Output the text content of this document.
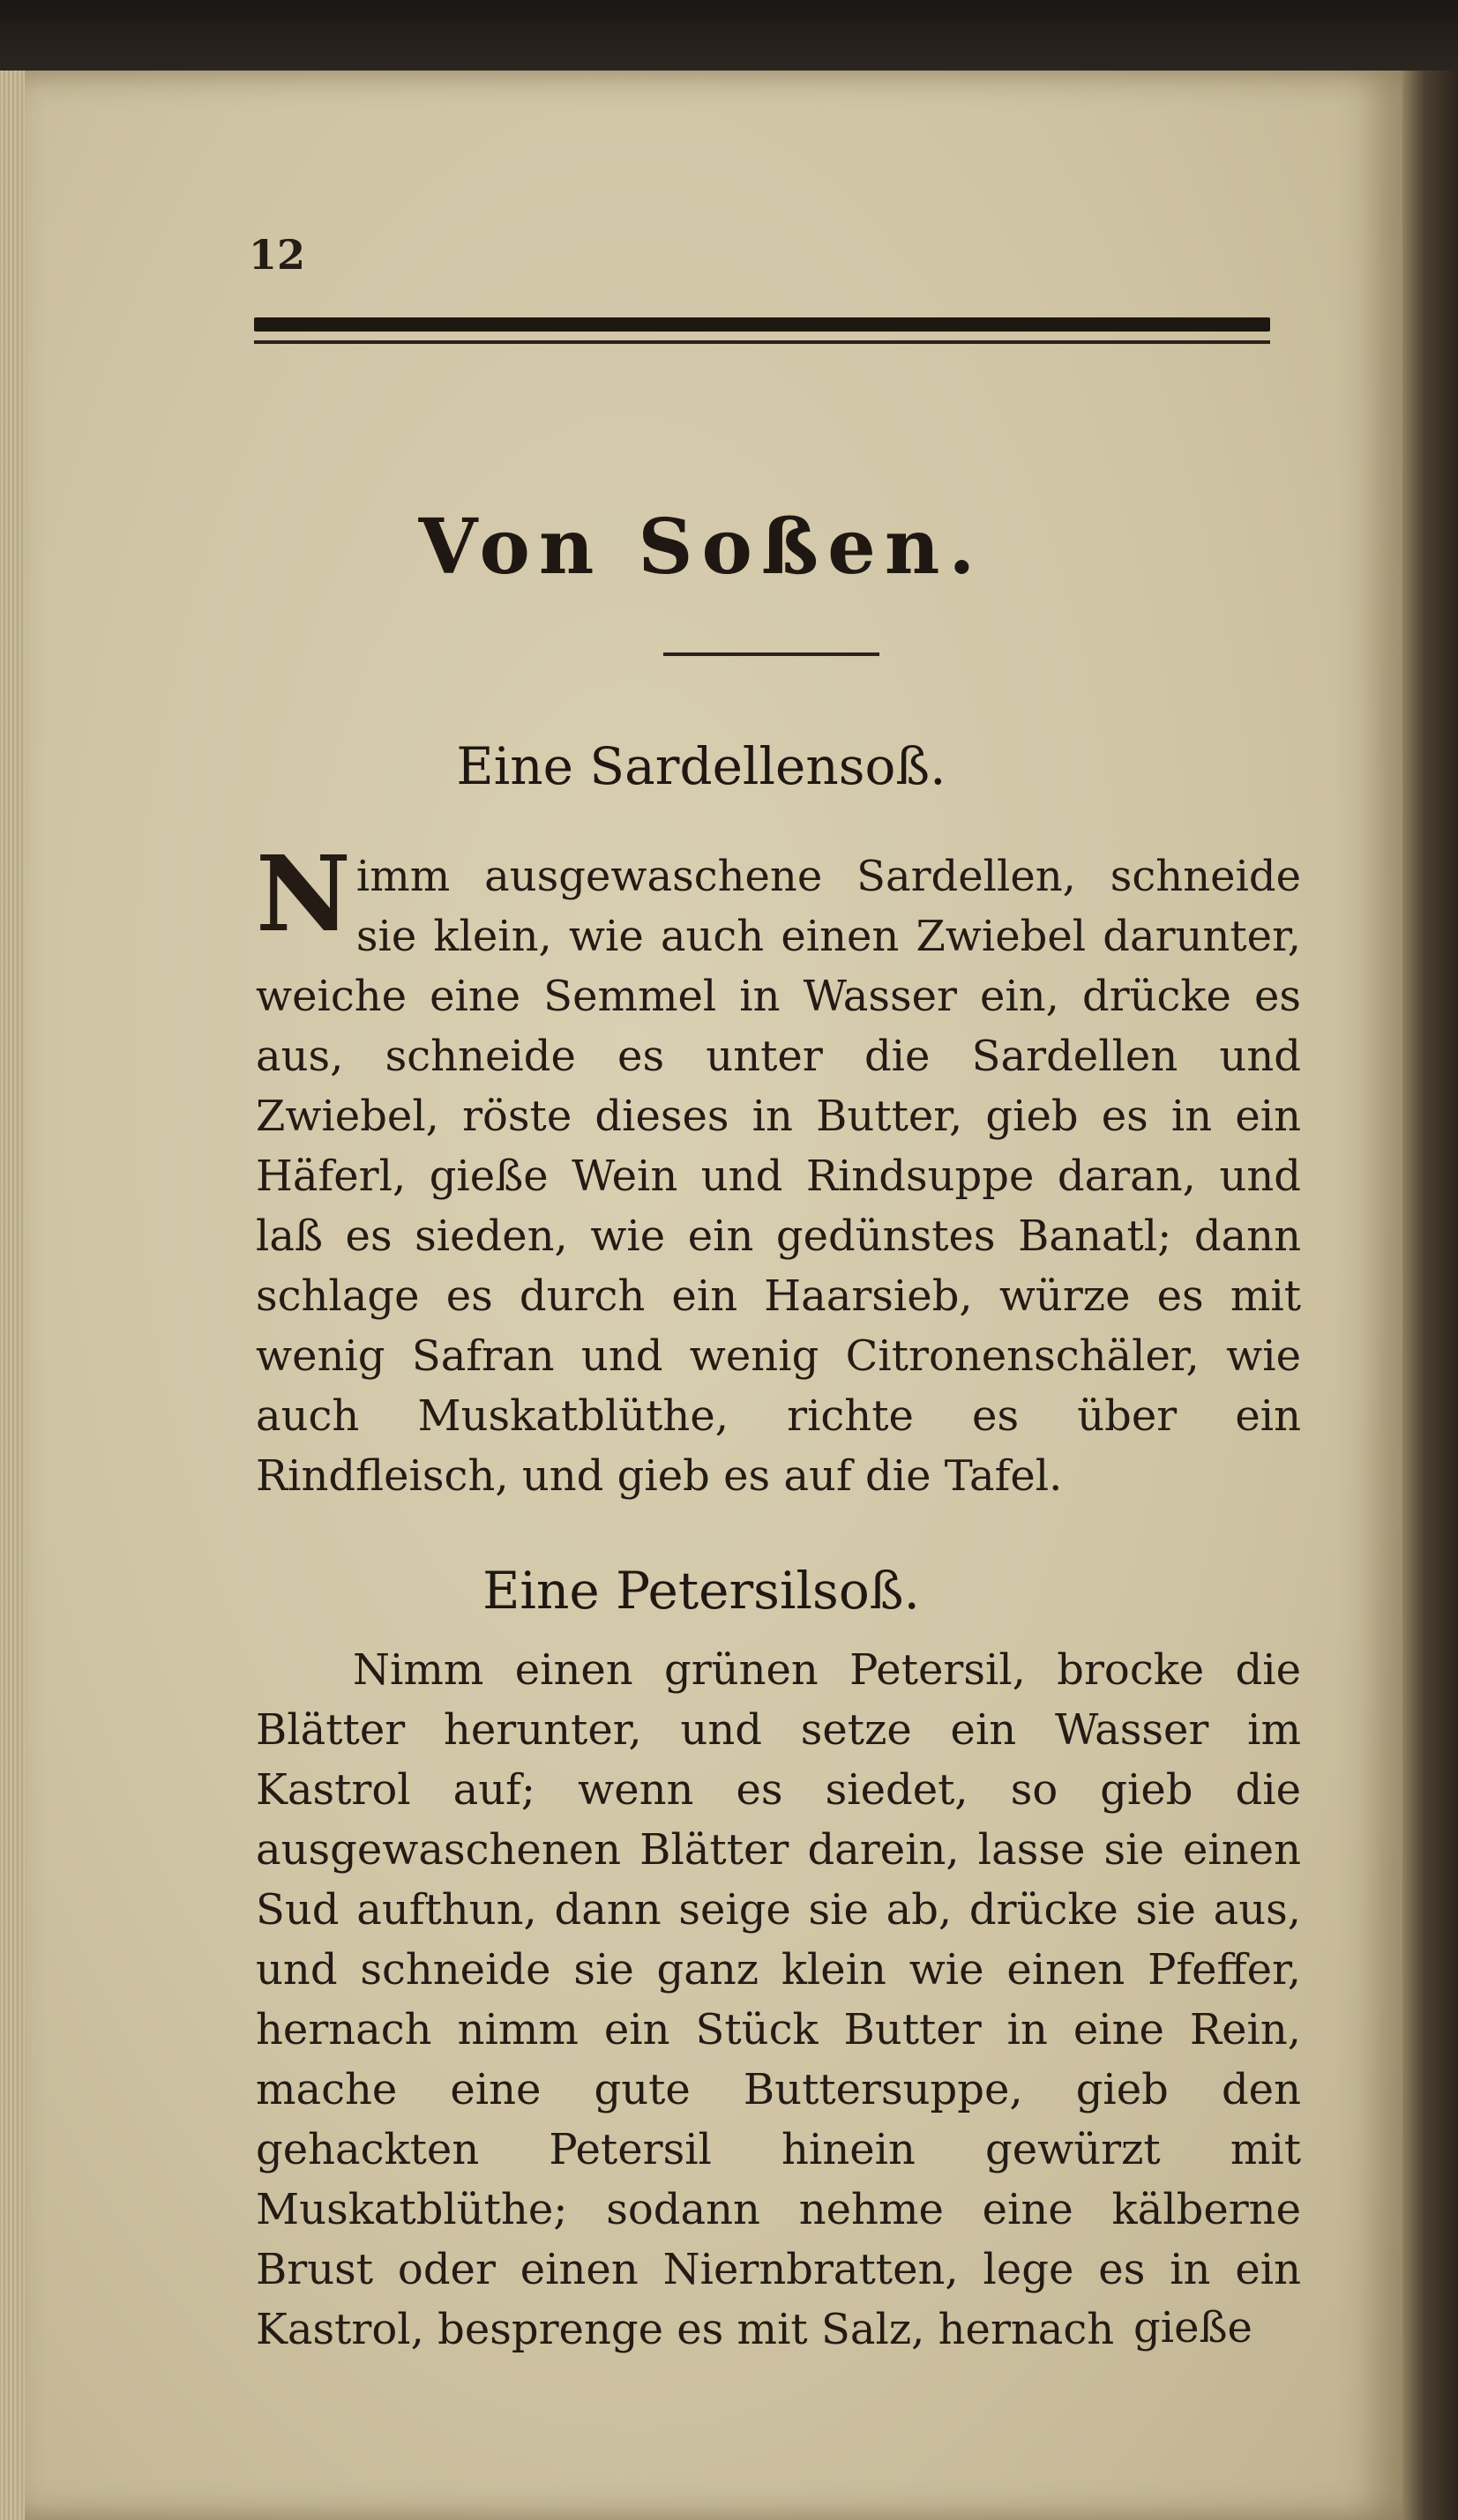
12
Von Soßen.
Eine Sardellensoß.

Nimm ausgewaschene Sardellen, schneide sie klein, wie auch einen Zwiebel darunter, weiche eine Semmel in Wasser ein, drücke es aus, schneide es unter die Sardellen und Zwiebel, röste dieses in Butter, gieb es in ein Häferl, gieße Wein und Rindsuppe daran, und laß es sieden, wie ein gedünstes Banatl; dann schlage es durch ein Haarsieb, würze es mit wenig Safran und wenig Citronenschäler, wie auch Muskatblüthe, richte es über ein Rindfleisch, und gieb es auf die Tafel.

Eine Petersilsoß.

Nimm einen grünen Petersil, brocke die Blätter herunter, und setze ein Wasser im Kastrol auf; wenn es siedet, so gieb die ausgewaschenen Blätter darein, lasse sie einen Sud aufthun, dann seige sie ab, drücke sie aus, und schneide sie ganz klein wie einen Pfeffer, hernach nimm ein Stück Butter in eine Rein, mache eine gute Buttersuppe, gieb den gehackten Petersil hinein gewürzt mit Muskatblüthe; sodann nehme eine kälberne Brust oder einen Niernbratten, lege es in ein Kastrol, besprenge es mit Salz, hernach gieße
